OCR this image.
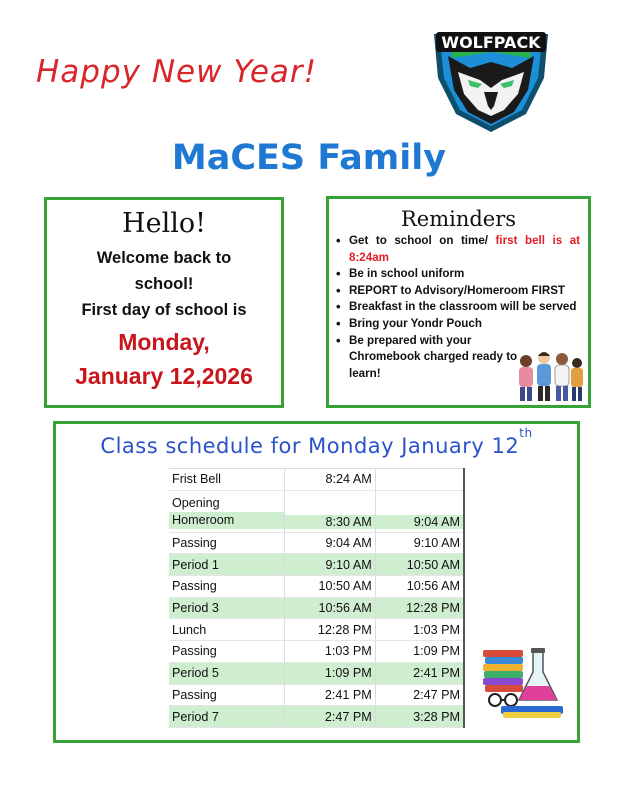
Happy New Year!
WOLFPACK
MaCES Family
Hello!
Welcome back to
school!
First day of school is
Monday,
January 12,2026
Reminders
• Get to school on time/ first bell is at 8:24am
• Be in school uniform
• REPORT to Advisory/Homeroom FIRST
• Breakfast in the classroom will be served
• Bring your Yondr Pouch
• Be prepared with your Chromebook charged ready to learn!
Class schedule for Monday January 12th
Frist Bell	8:24 AM	

Opening
Homeroom	8:30 AM	9:04 AM

Passing	9:04 AM	9:10 AM
Period 1	9:10 AM	10:50 AM
Passing	10:50 AM	10:56 AM
Period 3	10:56 AM	12:28 PM
Lunch	12:28 PM	1:03 PM
Passing	1:03 PM	1:09 PM
Period 5	1:09 PM	2:41 PM
Passing	2:41 PM	2:47 PM
Period 7	2:47 PM	3:28 PM
